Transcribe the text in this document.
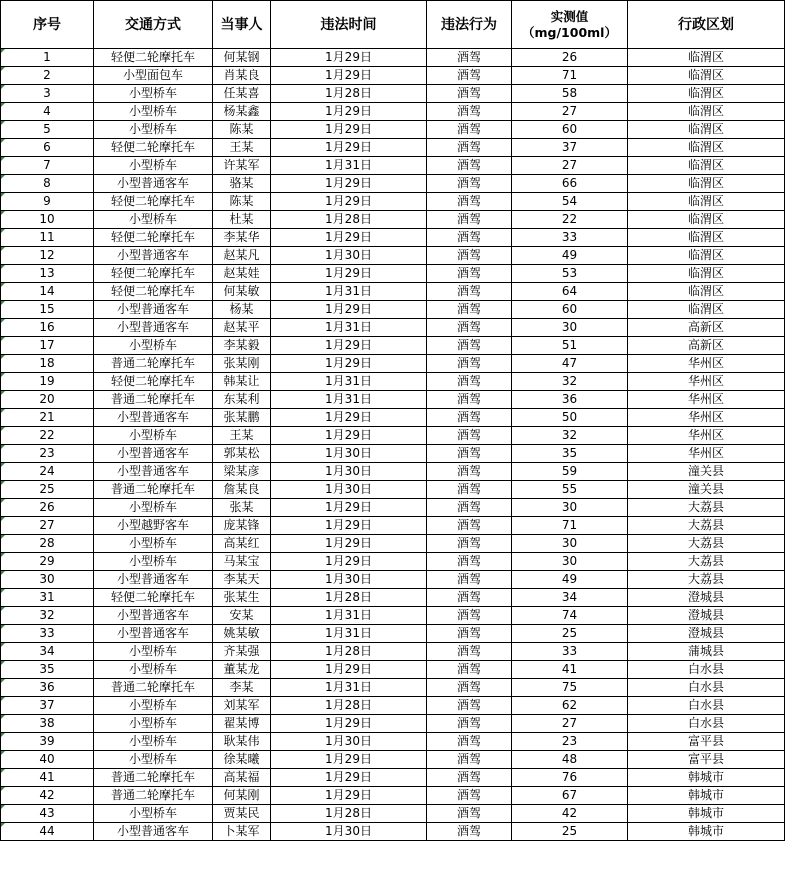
序号	交通方式	当事人	违法时间	违法行为	实测值
（mg/100ml）	行政区划
1	轻便二轮摩托车	何某钢	1月29日	酒驾	26	临渭区
2	小型面包车	肖某良	1月29日	酒驾	71	临渭区
3	小型桥车	任某喜	1月28日	酒驾	58	临渭区
4	小型桥车	杨某鑫	1月29日	酒驾	27	临渭区
5	小型桥车	陈某	1月29日	酒驾	60	临渭区
6	轻便二轮摩托车	王某	1月29日	酒驾	37	临渭区
7	小型桥车	许某军	1月31日	酒驾	27	临渭区
8	小型普通客车	骆某	1月29日	酒驾	66	临渭区
9	轻便二轮摩托车	陈某	1月29日	酒驾	54	临渭区
10	小型桥车	杜某	1月28日	酒驾	22	临渭区
11	轻便二轮摩托车	李某华	1月29日	酒驾	33	临渭区
12	小型普通客车	赵某凡	1月30日	酒驾	49	临渭区
13	轻便二轮摩托车	赵某娃	1月29日	酒驾	53	临渭区
14	轻便二轮摩托车	何某敏	1月31日	酒驾	64	临渭区
15	小型普通客车	杨某	1月29日	酒驾	60	临渭区
16	小型普通客车	赵某平	1月31日	酒驾	30	高新区
17	小型桥车	李某毅	1月29日	酒驾	51	高新区
18	普通二轮摩托车	张某刚	1月29日	酒驾	47	华州区
19	轻便二轮摩托车	韩某让	1月31日	酒驾	32	华州区
20	普通二轮摩托车	东某利	1月31日	酒驾	36	华州区
21	小型普通客车	张某鹏	1月29日	酒驾	50	华州区
22	小型桥车	王某	1月29日	酒驾	32	华州区
23	小型普通客车	郭某松	1月30日	酒驾	35	华州区
24	小型普通客车	梁某彦	1月30日	酒驾	59	潼关县
25	普通二轮摩托车	詹某良	1月30日	酒驾	55	潼关县
26	小型桥车	张某	1月29日	酒驾	30	大荔县
27	小型越野客车	庞某锋	1月29日	酒驾	71	大荔县
28	小型桥车	高某红	1月29日	酒驾	30	大荔县
29	小型桥车	马某宝	1月29日	酒驾	30	大荔县
30	小型普通客车	李某天	1月30日	酒驾	49	大荔县
31	轻便二轮摩托车	张某生	1月28日	酒驾	34	澄城县
32	小型普通客车	安某	1月31日	酒驾	74	澄城县
33	小型普通客车	姚某敏	1月31日	酒驾	25	澄城县
34	小型桥车	齐某强	1月28日	酒驾	33	蒲城县
35	小型桥车	董某龙	1月29日	酒驾	41	白水县
36	普通二轮摩托车	李某	1月31日	酒驾	75	白水县
37	小型桥车	刘某军	1月28日	酒驾	62	白水县
38	小型桥车	翟某博	1月29日	酒驾	27	白水县
39	小型桥车	耿某伟	1月30日	酒驾	23	富平县
40	小型桥车	徐某曦	1月29日	酒驾	48	富平县
41	普通二轮摩托车	高某福	1月29日	酒驾	76	韩城市
42	普通二轮摩托车	何某刚	1月29日	酒驾	67	韩城市
43	小型桥车	贾某民	1月28日	酒驾	42	韩城市
44	小型普通客车	卜某军	1月30日	酒驾	25	韩城市
